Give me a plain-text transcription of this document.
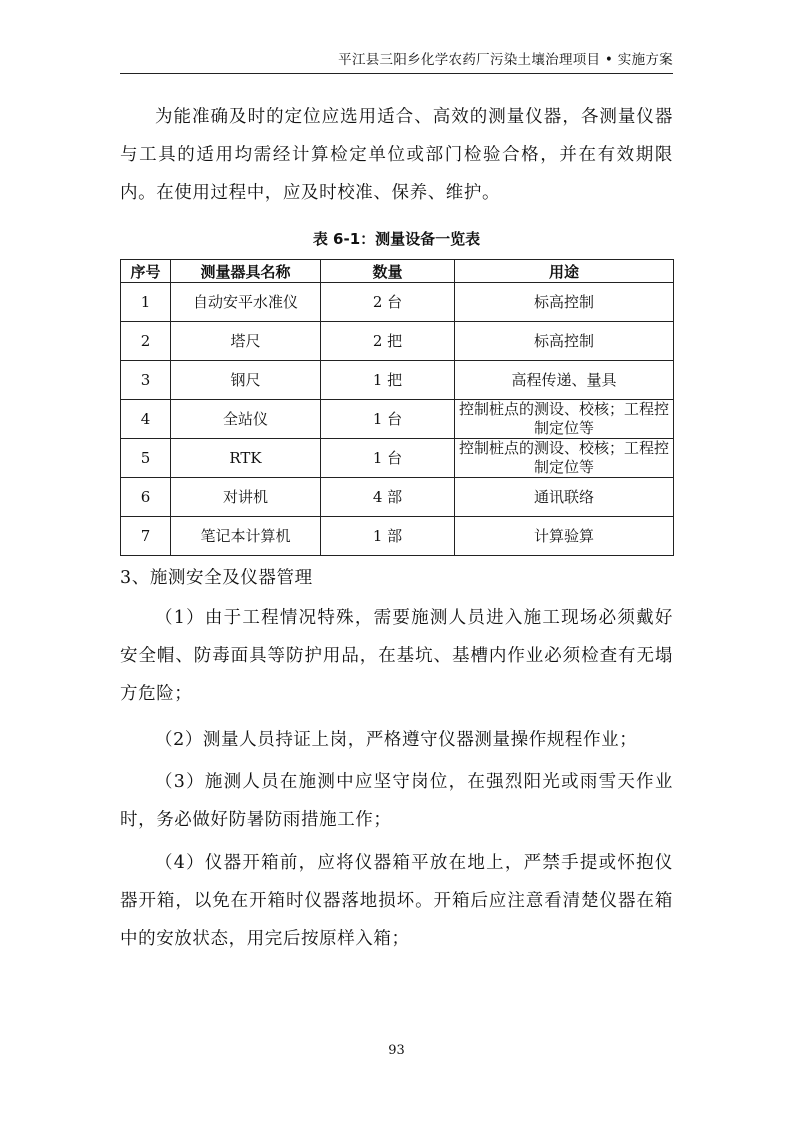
平江县三阳乡化学农药厂污染土壤治理项目 • 实施方案

为能准确及时的定位应选用适合、高效的测量仪器，各测量仪器与工具的适用均需经计算检定单位或部门检验合格，并在有效期限内。在使用过程中，应及时校准、保养、维护。

表 6-1：测量设备一览表
序号	测量器具名称	数量	用途
1	自动安平水准仪	2 台	标高控制
2	塔尺	2 把	标高控制
3	钢尺	1 把	高程传递、量具
4	全站仪	1 台	控制桩点的测设、校核；工程控制定位等
5	RTK	1 台	控制桩点的测设、校核；工程控制定位等
6	对讲机	4 部	通讯联络
7	笔记本计算机	1 部	计算验算

3、施测安全及仪器管理

（1）由于工程情况特殊，需要施测人员进入施工现场必须戴好安全帽、防毒面具等防护用品，在基坑、基槽内作业必须检查有无塌方危险；

（2）测量人员持证上岗，严格遵守仪器测量操作规程作业；

（3）施测人员在施测中应坚守岗位，在强烈阳光或雨雪天作业时，务必做好防暑防雨措施工作；

（4）仪器开箱前，应将仪器箱平放在地上，严禁手提或怀抱仪器开箱，以免在开箱时仪器落地损坏。开箱后应注意看清楚仪器在箱中的安放状态，用完后按原样入箱；

93
